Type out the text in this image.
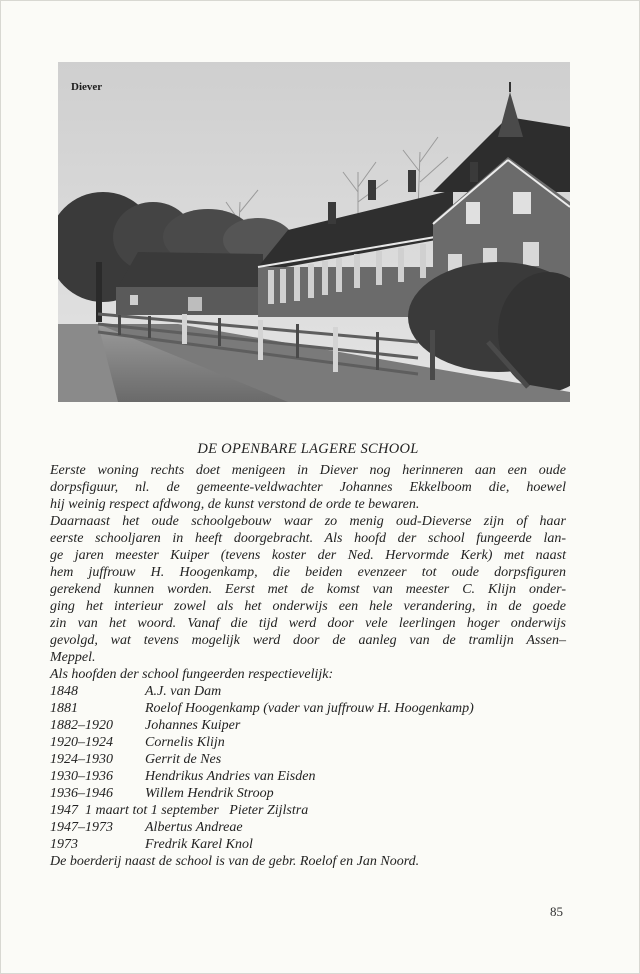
Diever
DE OPENBARE LAGERE SCHOOL
Eerste woning rechts doet menigeen in Diever nog herinneren aan een oude
dorpsfiguur, nl. de gemeente-veldwachter Johannes Ekkelboom die, hoewel
hij weinig respect afdwong, de kunst verstond de orde te bewaren.
Daarnaast het oude schoolgebouw waar zo menig oud-Dieverse zijn of haar
eerste schooljaren in heeft doorgebracht. Als hoofd der school fungeerde lan-
ge jaren meester Kuiper (tevens koster der Ned. Hervormde Kerk) met naast
hem juffrouw H. Hoogenkamp, die beiden evenzeer tot oude dorpsfiguren
gerekend kunnen worden. Eerst met de komst van meester C. Klijn onder-
ging het interieur zowel als het onderwijs een hele verandering, in de goede
zin van het woord. Vanaf die tijd werd door vele leerlingen hoger onderwijs
gevolgd, wat tevens mogelijk werd door de aanleg van de tramlijn Assen–
Meppel.
Als hoofden der school fungeerden respectievelijk:
1848	A.J. van Dam
1881	Roelof Hoogenkamp (vader van juffrouw H. Hoogenkamp)
1882–1920	Johannes Kuiper
1920–1924	Cornelis Klijn
1924–1930	Gerrit de Nes
1930–1936	Hendrikus Andries van Eisden
1936–1946	Willem Hendrik Stroop
1947  1 maart tot 1 september   Pieter Zijlstra
1947–1973	Albertus Andreae
1973	Fredrik Karel Knol
De boerderij naast de school is van de gebr. Roelof en Jan Noord.
85
